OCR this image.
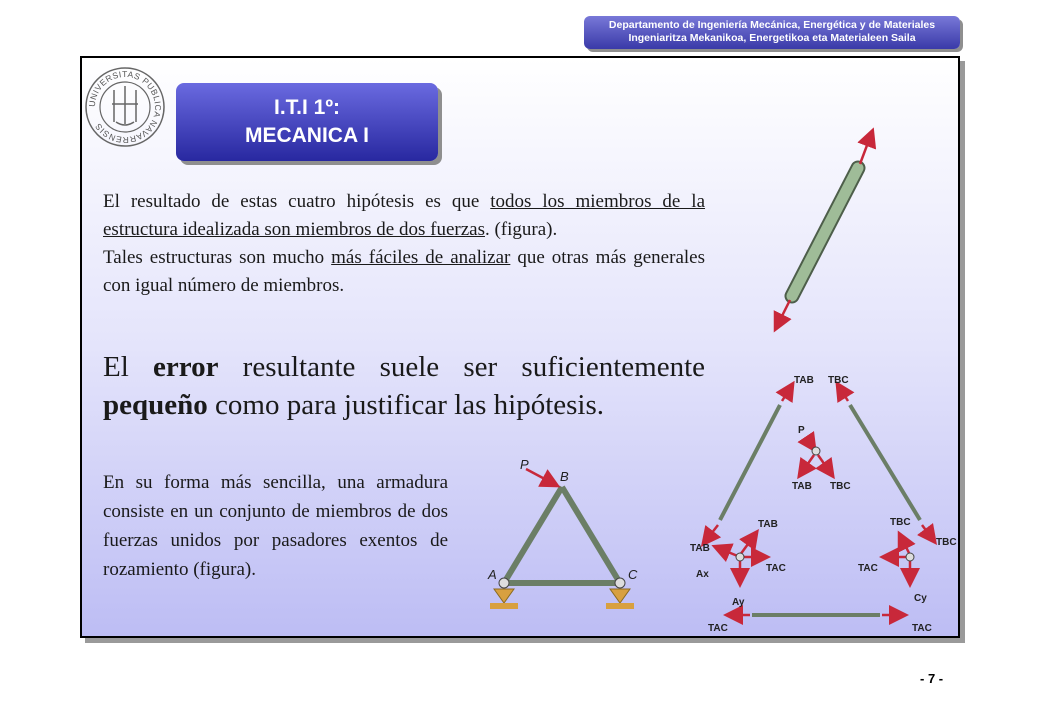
Departamento de Ingeniería Mecánica, Energética y de Materiales
Ingeniaritza Mekanikoa, Energetikoa eta Materialeen Saila
UNIVERSITAS PUBLICA NAVARRENSIS
I.T.I 1º:
MECANICA I

El resultado de estas cuatro hipótesis es que todos los miembros de la estructura idealizada son miembros de dos fuerzas. (figura).
Tales estructuras son mucho más fáciles de analizar que otras más generales con igual número de miembros.

El error resultante suele ser suficientemente pequeño como para justificar las hipótesis.

En su forma más sencilla, una armadura consiste en un conjunto de miembros de dos fuerzas unidos por pasadores exentos de
rozamiento (figura).

P
B
A	C
TAB TBC
P
TAB TBC
TAB
TAB
Ax
TAC
TBC
TBC
TAC
Ay	Cy
TAC	TAC
- 7 -
